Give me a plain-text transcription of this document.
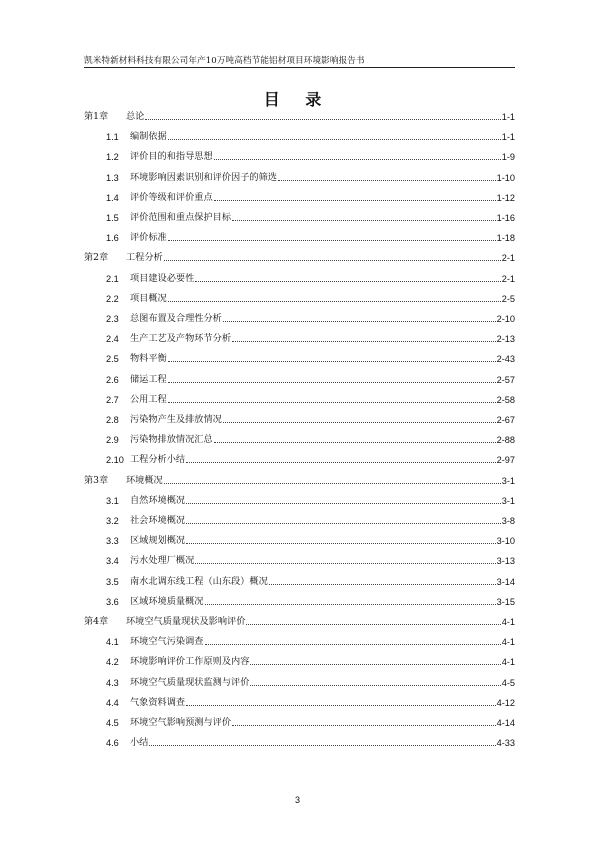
凯米特新材料科技有限公司年产10万吨高档节能铝材项目环境影响报告书
目 录
第1章 总论	1-1
1.1 编制依据	1-1
1.2 评价目的和指导思想	1-9
1.3 环境影响因素识别和评价因子的筛选	1-10
1.4 评价等级和评价重点	1-12
1.5 评价范围和重点保护目标	1-16
1.6 评价标准	1-18
第2章 工程分析	2-1
2.1 项目建设必要性	2-1
2.2 项目概况	2-5
2.3 总图布置及合理性分析	2-10
2.4 生产工艺及产物环节分析	2-13
2.5 物料平衡	2-43
2.6 储运工程	2-57
2.7 公用工程	2-58
2.8 污染物产生及排放情况	2-67
2.9 污染物排放情况汇总	2-88
2.10 工程分析小结	2-97
第3章 环境概况	3-1
3.1 自然环境概况	3-1
3.2 社会环境概况	3-8
3.3 区域规划概况	3-10
3.4 污水处理厂概况	3-13
3.5 南水北调东线工程（山东段）概况	3-14
3.6 区域环境质量概况	3-15
第4章 环境空气质量现状及影响评价	4-1
4.1 环境空气污染调查	4-1
4.2 环境影响评价工作原则及内容	4-1
4.3 环境空气质量现状监测与评价	4-5
4.4 气象资料调查	4-12
4.5 环境空气影响预测与评价	4-14
4.6 小结	4-33
3
